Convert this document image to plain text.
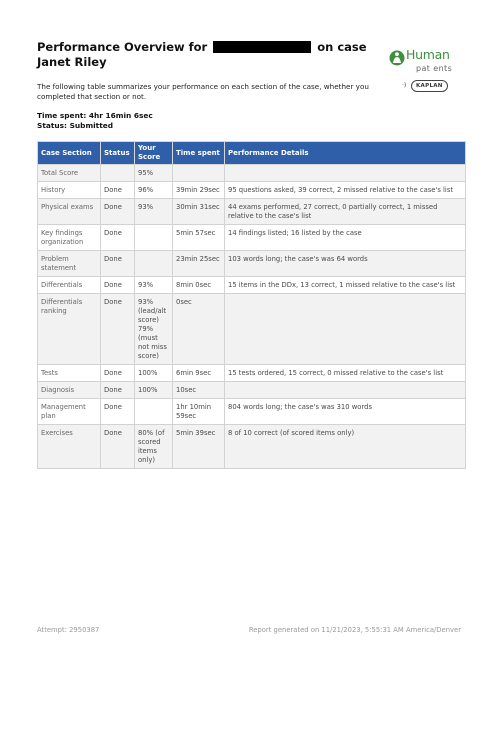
Performance Overview for	on case Janet Riley	Human
pat ents
·)	KAPLAN
The following table summarizes your performance on each section of the case, whether you completed that section or not.
Time spent: 4hr 16min 6sec
Status: Submitted
Case Section	Status	Your Score	Time spent	Performance Details
Total Score		95%		
History	Done	96%	39min 29sec	95 questions asked, 39 correct, 2 missed relative to the case's list
Physical exams	Done	93%	30min 31sec	44 exams performed, 27 correct, 0 partially correct, 1 missed relative to the case's list
Key findings organization	Done		5min 57sec	14 findings listed; 16 listed by the case
Problem statement	Done		23min 25sec	103 words long; the case's was 64 words
Differentials	Done	93%	8min 0sec	15 items in the DDx, 13 correct, 1 missed relative to the case's list
Differentials ranking	Done	93% (lead/alt score) 79% (must not miss score)	0sec	
Tests	Done	100%	6min 9sec	15 tests ordered, 15 correct, 0 missed relative to the case's list
Diagnosis	Done	100%	10sec	
Management plan	Done		1hr 10min 59sec	804 words long; the case's was 310 words
Exercises	Done	80% (of scored items only)	5min 39sec	8 of 10 correct (of scored items only)
Attempt: 2950387	Report generated on 11/21/2023, 5:55:31 AM America/Denver
